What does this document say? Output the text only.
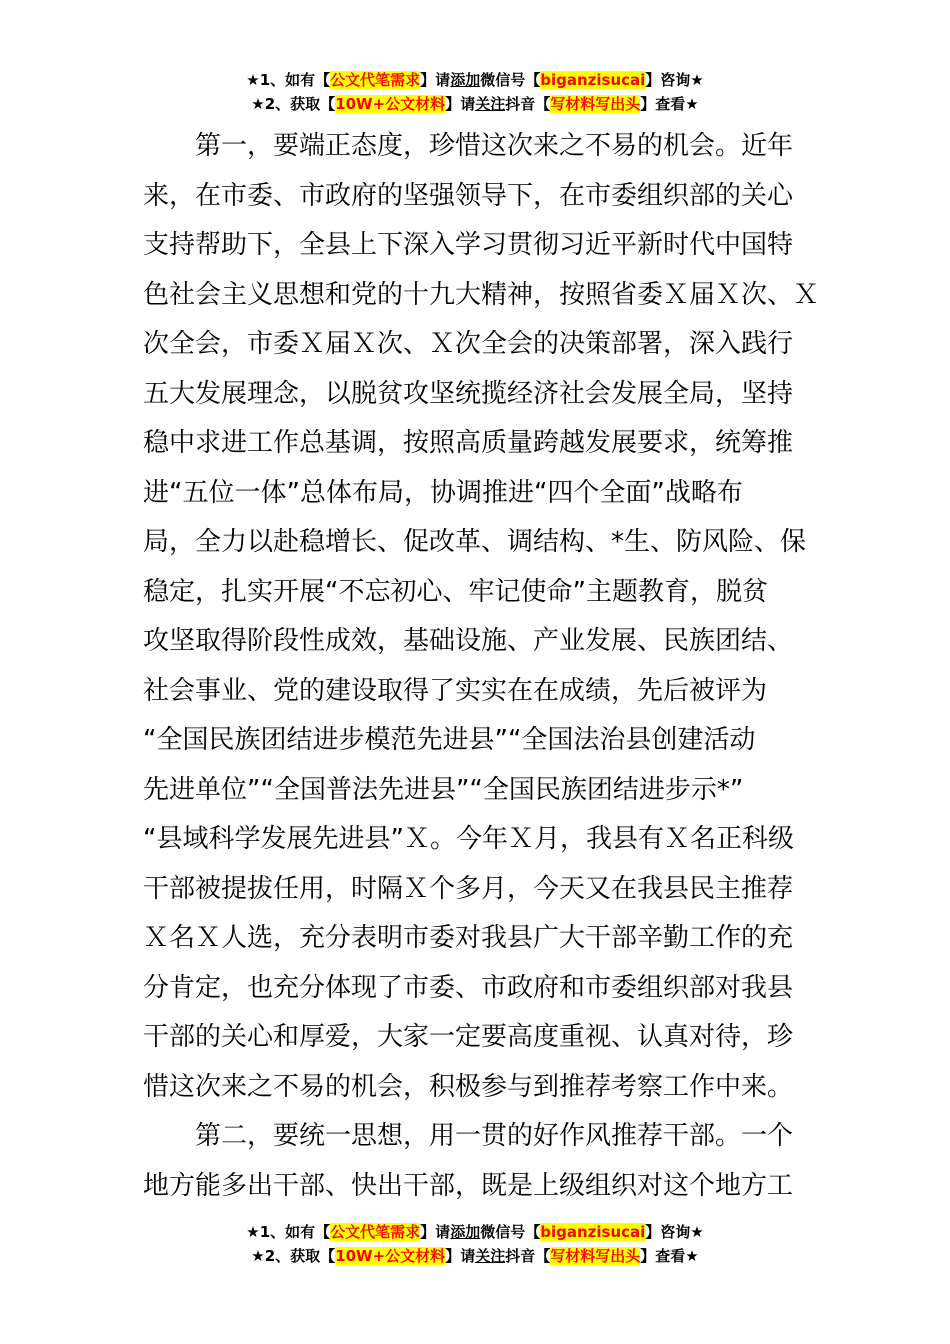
★1、如有【公文代笔需求】请添加微信号【biganzisucai】咨询★
★2、获取【10W+公文材料】请关注抖音【写材料写出头】查看★

第一，要端正态度，珍惜这次来之不易的机会。近年
来，在市委、市政府的坚强领导下，在市委组织部的关心
支持帮助下，全县上下深入学习贯彻习近平新时代中国特
色社会主义思想和党的十九大精神，按照省委Ｘ届Ｘ次、Ｘ
次全会，市委Ｘ届Ｘ次、Ｘ次全会的决策部署，深入践行
五大发展理念，以脱贫攻坚统揽经济社会发展全局，坚持
稳中求进工作总基调，按照高质量跨越发展要求，统筹推
进“五位一体”总体布局，协调推进“四个全面”战略布
局，全力以赴稳增长、促改革、调结构、*生、防风险、保
稳定，扎实开展“不忘初心、牢记使命”主题教育，脱贫
攻坚取得阶段性成效，基础设施、产业发展、民族团结、
社会事业、党的建设取得了实实在在成绩，先后被评为
“全国民族团结进步模范先进县”“全国法治县创建活动
先进单位”“全国普法先进县”“全国民族团结进步示*”
“县域科学发展先进县”Ｘ。今年Ｘ月，我县有Ｘ名正科级
干部被提拔任用，时隔Ｘ个多月，今天又在我县民主推荐
Ｘ名Ｘ人选，充分表明市委对我县广大干部辛勤工作的充
分肯定，也充分体现了市委、市政府和市委组织部对我县
干部的关心和厚爱，大家一定要高度重视、认真对待，珍
惜这次来之不易的机会，积极参与到推荐考察工作中来。

第二，要统一思想，用一贯的好作风推荐干部。一个
地方能多出干部、快出干部，既是上级组织对这个地方工

★1、如有【公文代笔需求】请添加微信号【biganzisucai】咨询★
★2、获取【10W+公文材料】请关注抖音【写材料写出头】查看★
